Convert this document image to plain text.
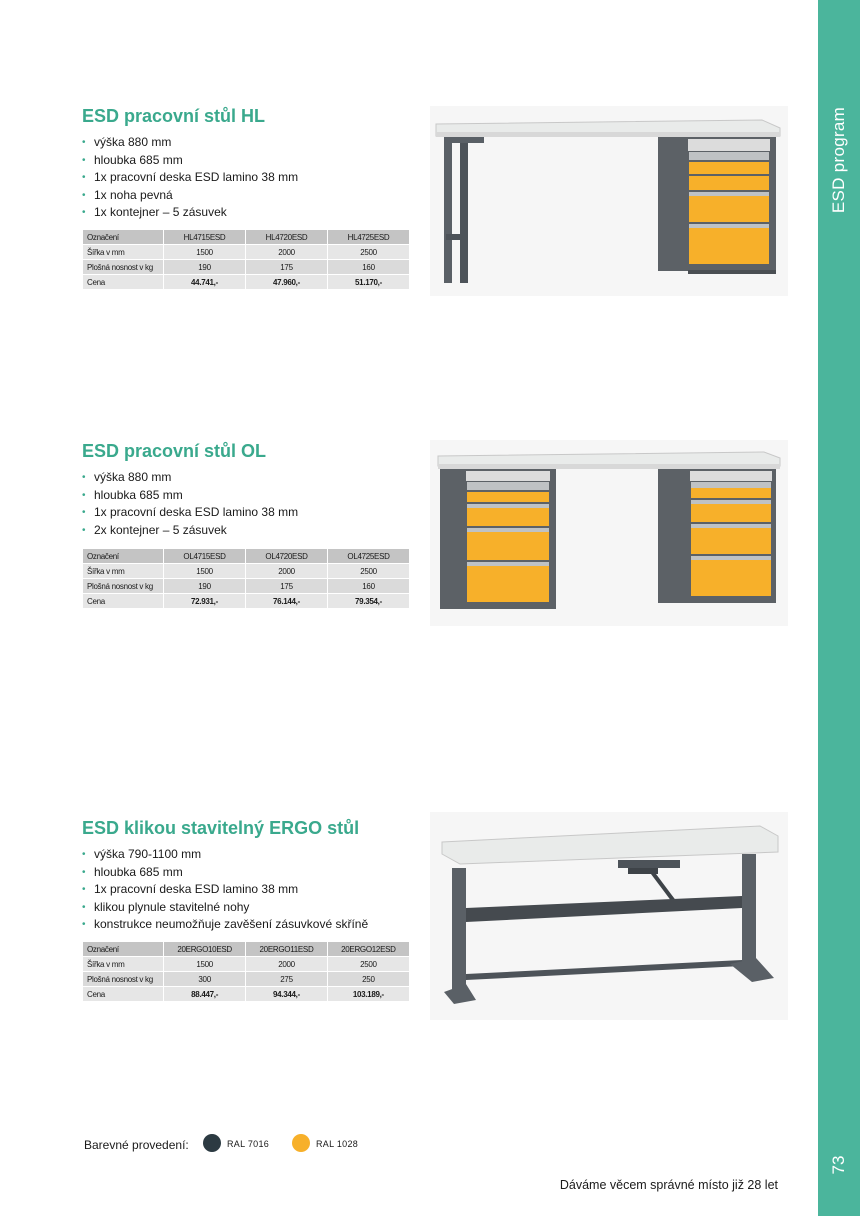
ESD program
73
ESD pracovní stůl HL
• výška 880 mm
• hloubka 685 mm
• 1x pracovní deska ESD lamino 38 mm
• 1x noha pevná
• 1x kontejner – 5 zásuvek
Označení	HL4715ESD	HL4720ESD	HL4725ESD
Šířka v mm	1500	2000	2500
Plošná nosnost v kg	190	175	160
Cena	44.741,-	47.960,-	51.170,-
ESD pracovní stůl OL
• výška 880 mm
• hloubka 685 mm
• 1x pracovní deska ESD lamino 38 mm
• 2x kontejner – 5 zásuvek
Označení	OL4715ESD	OL4720ESD	OL4725ESD
Šířka v mm	1500	2000	2500
Plošná nosnost v kg	190	175	160
Cena	72.931,-	76.144,-	79.354,-
ESD klikou stavitelný ERGO stůl
• výška 790-1100 mm
• hloubka 685 mm
• 1x pracovní deska ESD lamino 38 mm
• klikou plynule stavitelné nohy
• konstrukce neumožňuje zavěšení zásuvkové skříně
Označení	20ERGO10ESD	20ERGO11ESD	20ERGO12ESD
Šířka v mm	1500	2000	2500
Plošná nosnost v kg	300	275	250
Cena	88.447,-	94.344,-	103.189,-
Barevné provedení:	RAL 7016	RAL 1028
Dáváme věcem správné místo již 28 let
